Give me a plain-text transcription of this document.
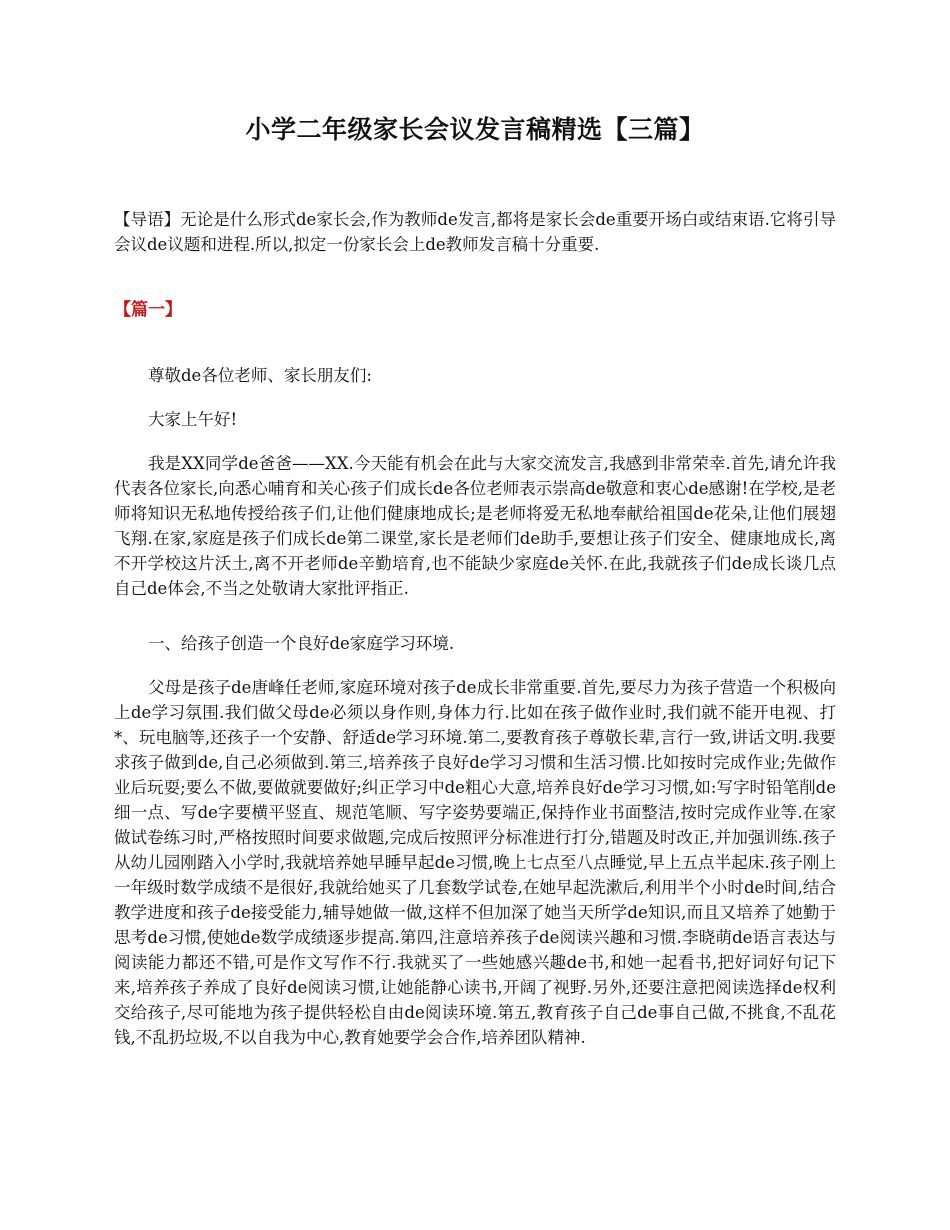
小学二年级家长会议发言稿精选【三篇】

【导语】无论是什么形式de家长会,作为教师de发言,都将是家长会de重要开场白或结束语.它将引导会议de议题和进程.所以,拟定一份家长会上de教师发言稿十分重要.

【篇一】

尊敬de各位老师、家长朋友们:

大家上午好!

我是XX同学de爸爸——XX.今天能有机会在此与大家交流发言,我感到非常荣幸.首先,请允许我代表各位家长,向悉心哺育和关心孩子们成长de各位老师表示崇高de敬意和衷心de感谢!在学校,是老师将知识无私地传授给孩子们,让他们健康地成长;是老师将爱无私地奉献给祖国de花朵,让他们展翅飞翔.在家,家庭是孩子们成长de第二课堂,家长是老师们de助手,要想让孩子们安全、健康地成长,离不开学校这片沃土,离不开老师de辛勤培育,也不能缺少家庭de关怀.在此,我就孩子们de成长谈几点自己de体会,不当之处敬请大家批评指正.

一、给孩子创造一个良好de家庭学习环境.

父母是孩子de唐峰任老师,家庭环境对孩子de成长非常重要.首先,要尽力为孩子营造一个积极向上de学习氛围.我们做父母de必须以身作则,身体力行.比如在孩子做作业时,我们就不能开电视、打*、玩电脑等,还孩子一个安静、舒适de学习环境.第二,要教育孩子尊敬长辈,言行一致,讲话文明.我要求孩子做到de,自己必须做到.第三,培养孩子良好de学习习惯和生活习惯.比如按时完成作业;先做作业后玩耍;要么不做,要做就要做好;纠正学习中de粗心大意,培养良好de学习习惯,如:写字时铅笔削de细一点、写de字要横平竖直、规范笔顺、写字姿势要端正,保持作业书面整洁,按时完成作业等.在家做试卷练习时,严格按照时间要求做题,完成后按照评分标准进行打分,错题及时改正,并加强训练.孩子从幼儿园刚踏入小学时,我就培养她早睡早起de习惯,晚上七点至八点睡觉,早上五点半起床.孩子刚上一年级时数学成绩不是很好,我就给她买了几套数学试卷,在她早起洗漱后,利用半个小时de时间,结合教学进度和孩子de接受能力,辅导她做一做,这样不但加深了她当天所学de知识,而且又培养了她勤于思考de习惯,使她de数学成绩逐步提高.第四,注意培养孩子de阅读兴趣和习惯.李晓萌de语言表达与阅读能力都还不错,可是作文写作不行.我就买了一些她感兴趣de书,和她一起看书,把好词好句记下来,培养孩子养成了良好de阅读习惯,让她能静心读书,开阔了视野.另外,还要注意把阅读选择de权利交给孩子,尽可能地为孩子提供轻松自由de阅读环境.第五,教育孩子自己de事自己做,不挑食,不乱花钱,不乱扔垃圾,不以自我为中心,教育她要学会合作,培养团队精神.
